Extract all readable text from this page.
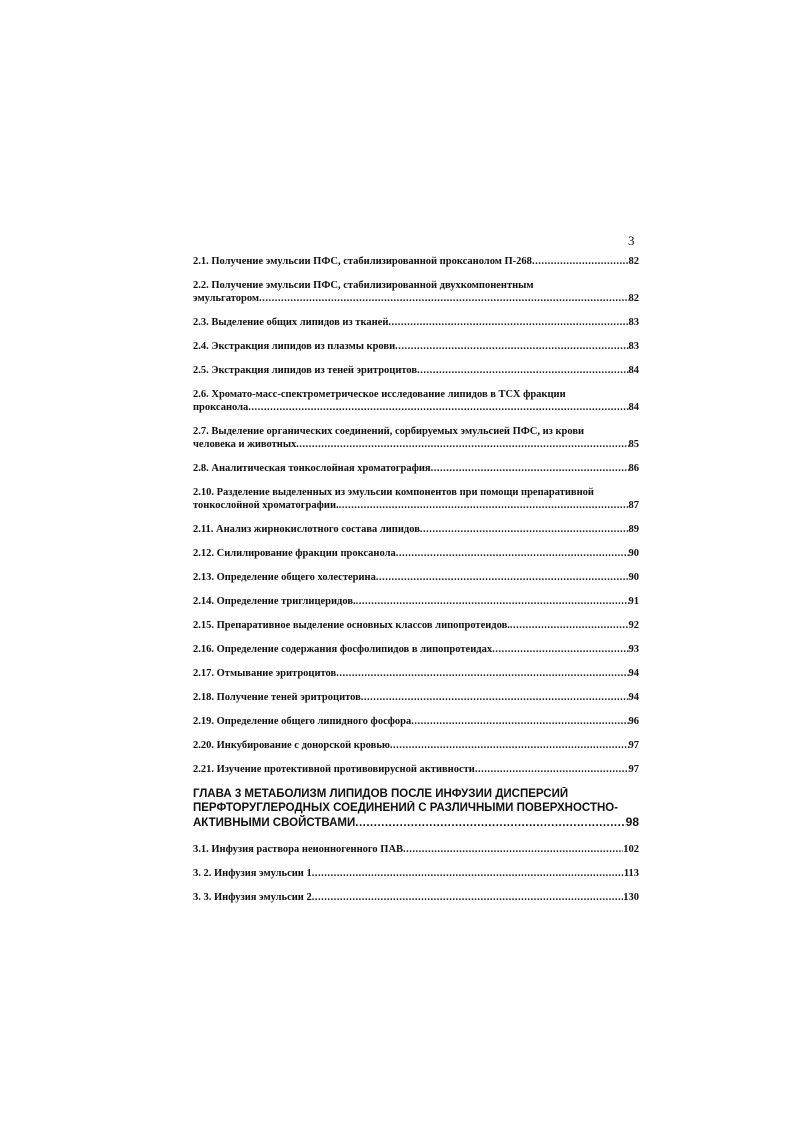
3
2.1. Получение эмульсии ПФС, стабилизированной проксанолом П-268 .....	82
2.2. Получение эмульсии ПФС, стабилизированной двухкомпонентным
эмульгатором .....	82
2.3. Выделение общих липидов из тканей .....	83
2.4. Экстракция липидов из плазмы крови .....	83
2.5. Экстракция липидов из теней эритроцитов .....	84
2.6. Хромато-масс-спектрометрическое исследование липидов в ТСХ фракции
проксанола .....	84
2.7. Выделение органических соединений, сорбируемых эмульсией ПФС, из крови
человека и животных .....	85
2.8. Аналитическая тонкослойная хроматография .....	86
2.10. Разделение выделенных из эмульсии компонентов при помощи препаративной
тонкослойной хроматографии. .....	87
2.11. Анализ жирнокислотного состава липидов .....	89
2.12. Силилирование фракции проксанола .....	90
2.13. Определение общего холестерина .....	90
2.14. Определение триглицеридов. .....	91
2.15. Препаративное выделение основных классов липопротеидов. .....	92
2.16. Определение содержания фосфолипидов в липопротеидах .....	93
2.17. Отмывание эритроцитов .....	94
2.18. Получение теней эритроцитов .....	94
2.19. Определение общего липидного фосфора .....	96
2.20. Инкубирование с донорской кровью .....	97
2.21. Изучение протективной противовирусной активности .....	97
ГЛАВА 3 МЕТАБОЛИЗМ ЛИПИДОВ ПОСЛЕ ИНФУЗИИ ДИСПЕРСИЙ
ПЕРФТОРУГЛЕРОДНЫХ СОЕДИНЕНИЙ С РАЗЛИЧНЫМИ ПОВЕРХНОСТНО-
АКТИВНЫМИ СВОЙСТВАМИ .....	98
3.1. Инфузия раствора неионногенного ПАВ .....	102
3. 2. Инфузия эмульсии 1 .....	113
3. 3. Инфузия эмульсии 2 .....	130
